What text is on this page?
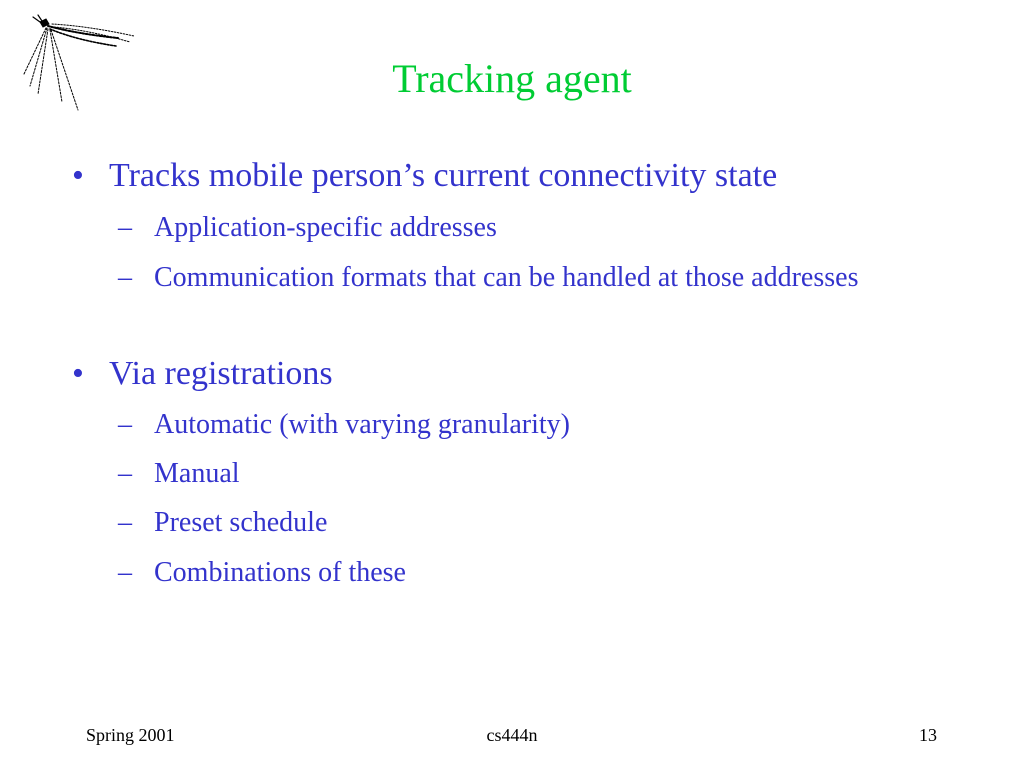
Tracking agent
• Tracks mobile person’s current connectivity state
– Application-specific addresses
– Communication formats that can be handled at those addresses
• Via registrations
– Automatic (with varying granularity)
– Manual
– Preset schedule
– Combinations of these
Spring 2001	cs444n	13
